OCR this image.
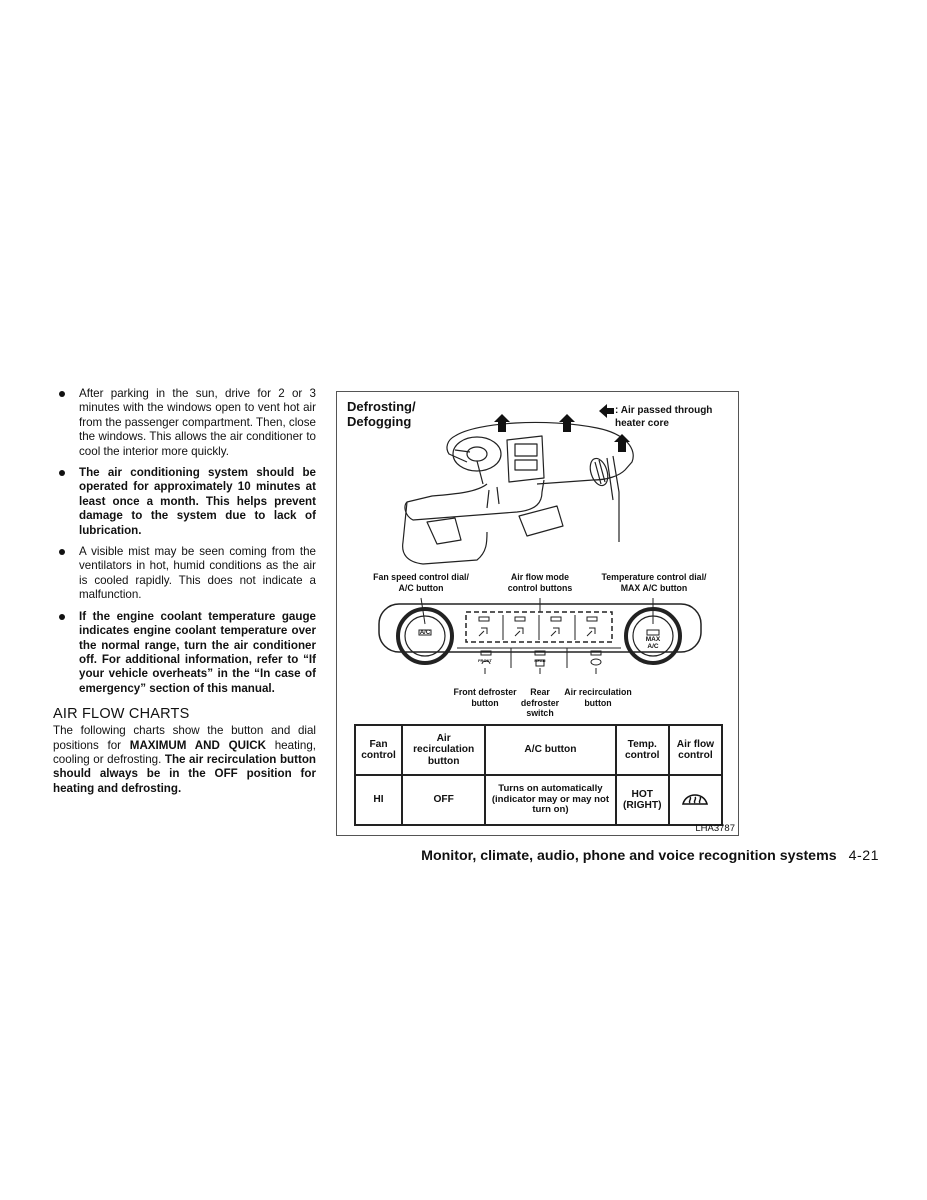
After parking in the sun, drive for 2 or 3 minutes with the windows open to vent hot air from the passenger compartment. Then, close the windows. This allows the air conditioner to cool the interior more quickly.
The air conditioning system should be operated for approximately 10 minutes at least once a month. This helps prevent damage to the system due to lack of lubrication.
A visible mist may be seen coming from the ventilators in hot, humid conditions as the air is cooled rapidly. This does not indicate a malfunction.
If the engine coolant temperature gauge indicates engine coolant temperature over the normal range, turn the air conditioner off. For additional information, refer to “If your vehicle overheats” in the “In case of emergency” section of this manual.
AIR FLOW CHARTS

The following charts show the button and dial positions for MAXIMUM AND QUICK heating, cooling or defrosting. The air recirculation button should always be in the OFF position for heating and defrosting.

Defrosting/
Defogging
: Air passed through heater core
A/C
MAX
A/C
FRONT	REAR
Fan speed control dial/ A/C button
Air flow mode control buttons
Temperature control dial/ MAX A/C button
Front defroster button
Rear defroster switch
Air recirculation button
Fan control	Air recirculation button	A/C button	Temp. control	Air flow control
HI	OFF	Turns on automatically (indicator may or may not turn on)	HOT (RIGHT)	
LHA3787
Monitor, climate, audio, phone and voice recognition systems 4-21
